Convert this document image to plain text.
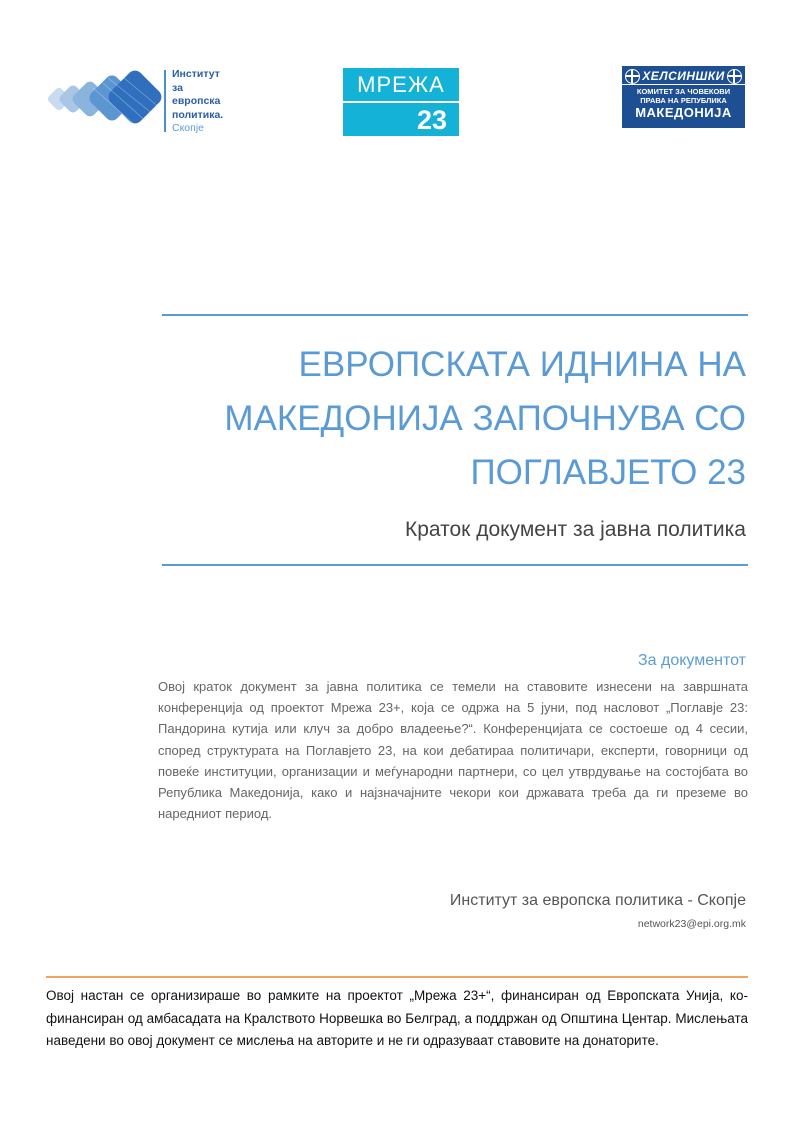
Институт
за
европска
политика.
Скопје
МРЕЖА
23
ХЕЛСИНШКИ
КОМИТЕТ ЗА ЧОВЕКОВИ
ПРАВА НА РЕПУБЛИКА
МАКЕДОНИЈА
ЕВРОПСКАТА ИДНИНА НА
МАКЕДОНИЈА ЗАПОЧНУВА СО
ПОГЛАВЈЕТО 23
Краток документ за јавна политика
За документот
Овој краток документ за јавна политика се темели на ставовите изнесени на завршната конференција од проектот Мрежа 23+, која се одржа на 5 јуни, под насловот „Поглавје 23: Пандорина кутија или клуч за добро владеење?“. Конференцијата се состоеше од 4 сесии, според структурата на Поглавјето 23, на кои дебатираа политичари, експерти, говорници од повеќе институции, организации и меѓународни партнери, со цел утврдување на состојбата во Република Македонија, како и најзначајните чекори кои државата треба да ги преземе во наредниот период.
Институт за европска политика - Скопје
network23@epi.org.mk
Овој настан се организираше во рамките на проектот „Мрежа 23+“, финансиран од Европската Унија, ко-финансиран од амбасадата на Кралството Норвешка во Белград, а поддржан од Општина Центар. Мислењата наведени во овој документ се мислења на авторите и не ги одразуваат ставовите на донаторите.
